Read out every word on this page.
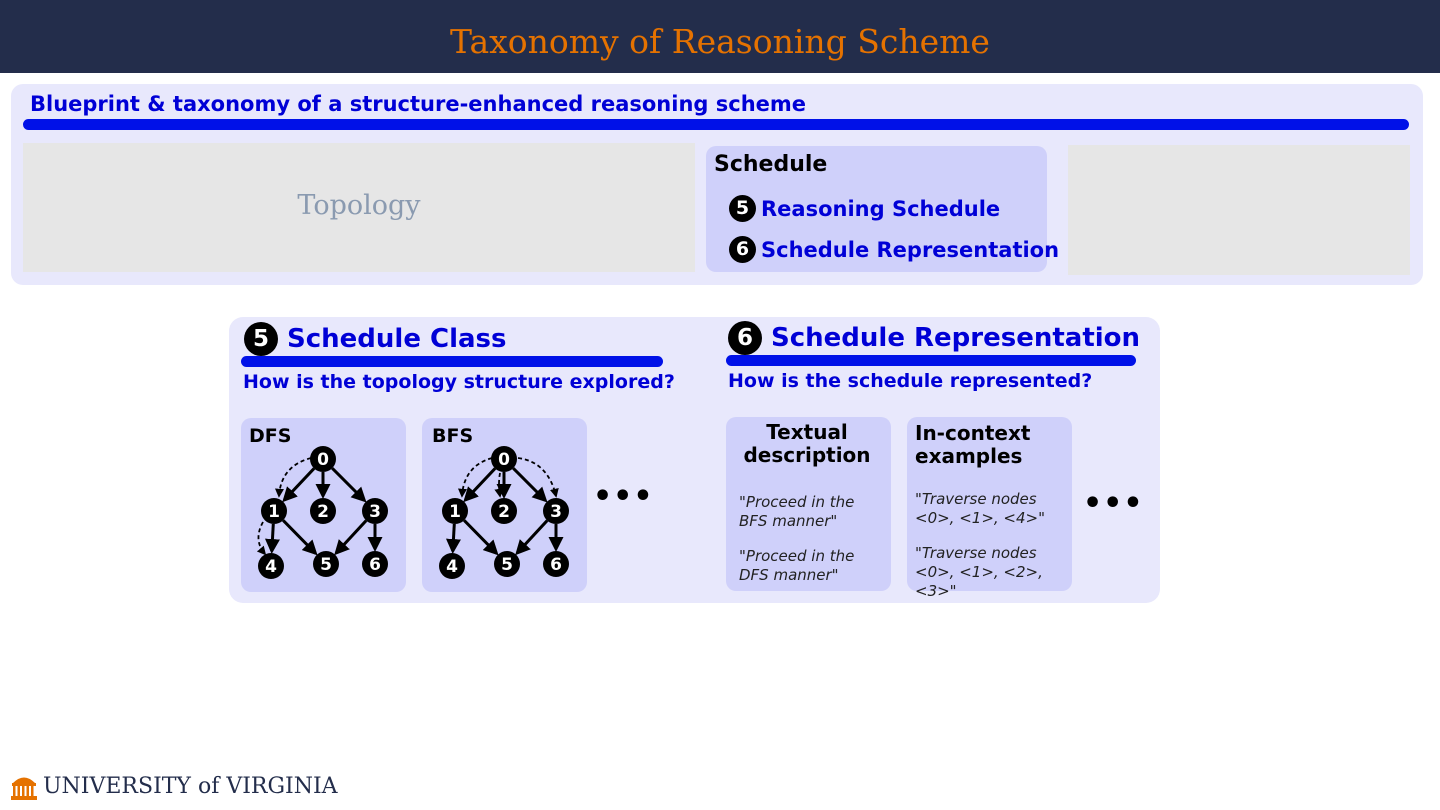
Taxonomy of Reasoning Scheme
Blueprint & taxonomy of a structure-enhanced reasoning scheme
Topology
Schedule
5 Reasoning Schedule
6 Schedule Representation
5 Schedule Class
How is the topology structure explored?
6 Schedule Representation
How is the schedule represented?
DFS
0
1 2 3
4	5 6
BFS
0
1 2 3
4	5 6
•••
Textual description
"Proceed in the BFS manner"
"Proceed in the DFS manner"
In-context examples
"Traverse nodes <0>, <1>, <4>"
"Traverse nodes <0>, <1>, <2>, <3>"
•••
UNIVERSITY of VIRGINIA
